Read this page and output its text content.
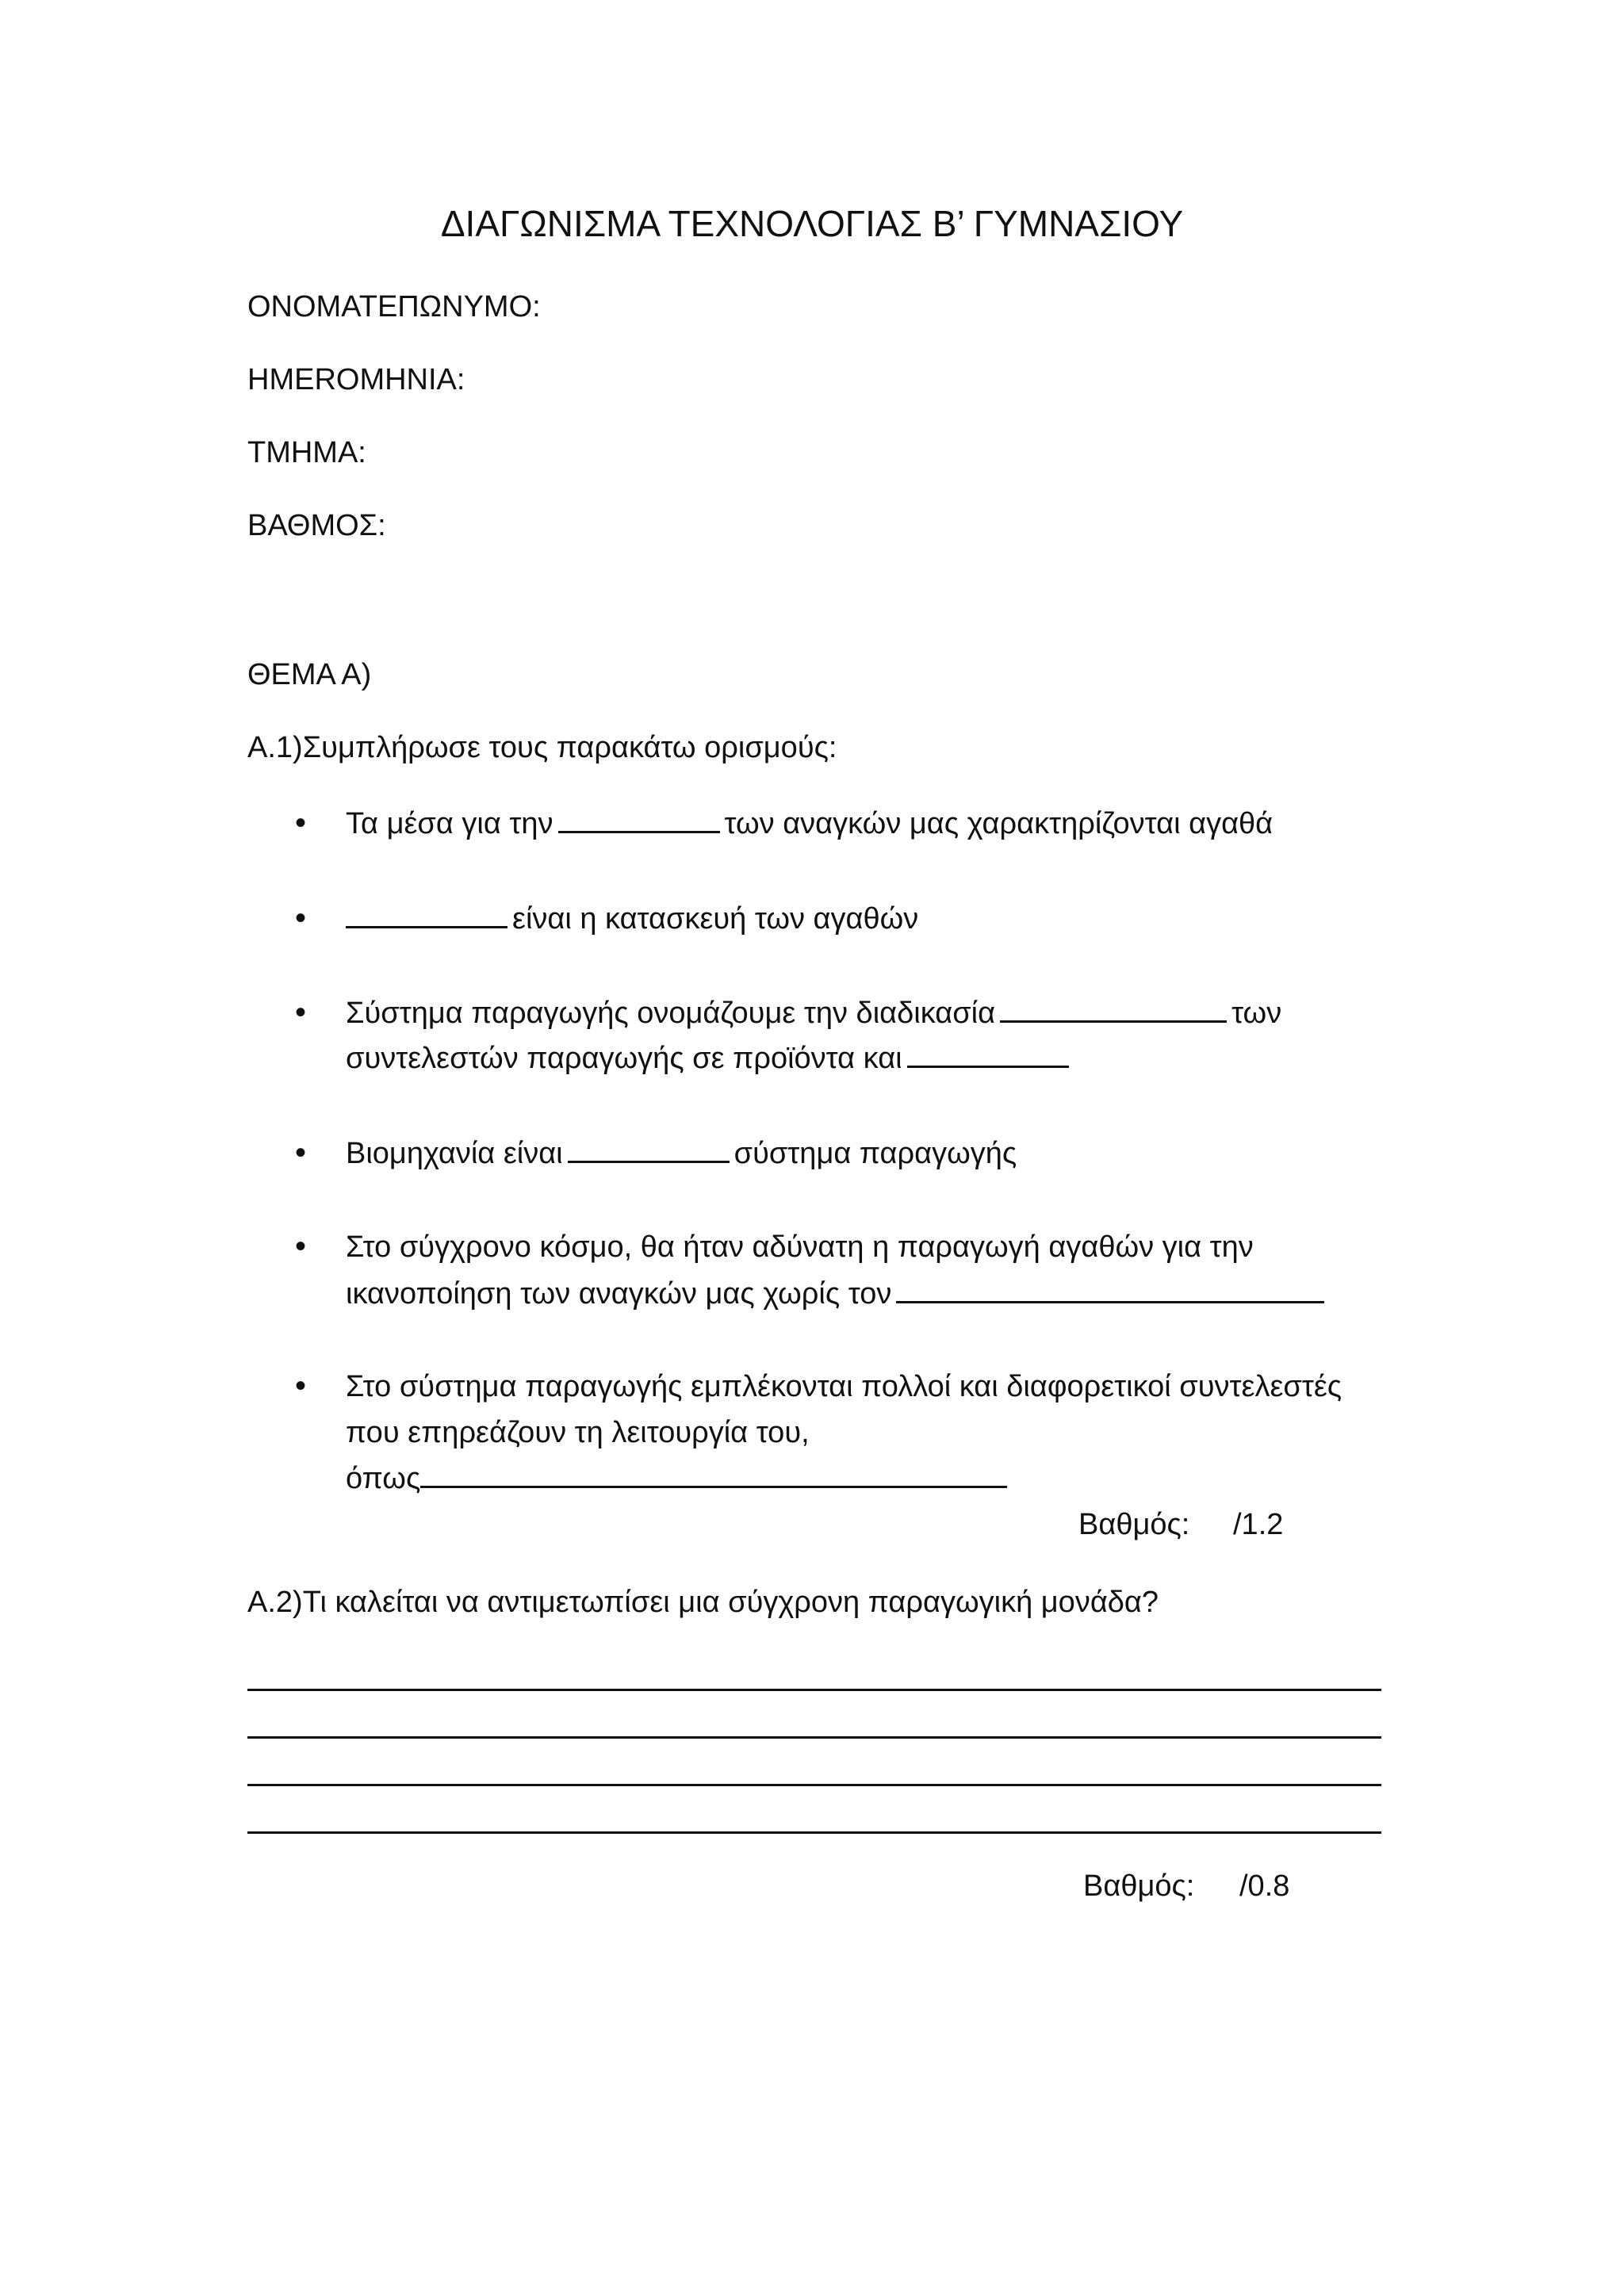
ΔΙΑΓΩΝΙΣΜΑ ΤΕΧΝΟΛΟΓΙΑΣ Β’ ΓΥΜΝΑΣΙΟΥ
ΟΝΟΜΑΤΕΠΩΝΥΜΟ:
HMEROMHNIA:
ΤΜΗΜΑ:
ΒΑΘΜΟΣ:
ΘΕΜΑ Α)
Α.1)Συμπλήρωσε τους παρακάτω ορισμούς:
• Τα μέσα για την	των αναγκών μας χαρακτηρίζονται αγαθά
•	είναι η κατασκευή των αγαθών
• Σύστημα παραγωγής ονομάζουμε την διαδικασία	των
συντελεστών παραγωγής σε προϊόντα και
• Βιομηχανία είναι	σύστημα παραγωγής
• Στο σύγχρονο κόσμο, θα ήταν αδύνατη η παραγωγή αγαθών για την
ικανοποίηση των αναγκών μας χωρίς τον
• Στο σύστημα παραγωγής εμπλέκονται πολλοί και διαφορετικοί συντελεστές
που επηρεάζουν τη λειτουργία του,
όπως
Βαθμός: /1.2
Α.2)Τι καλείται να αντιμετωπίσει μια σύγχρονη παραγωγική μονάδα?
Βαθμός: /0.8
